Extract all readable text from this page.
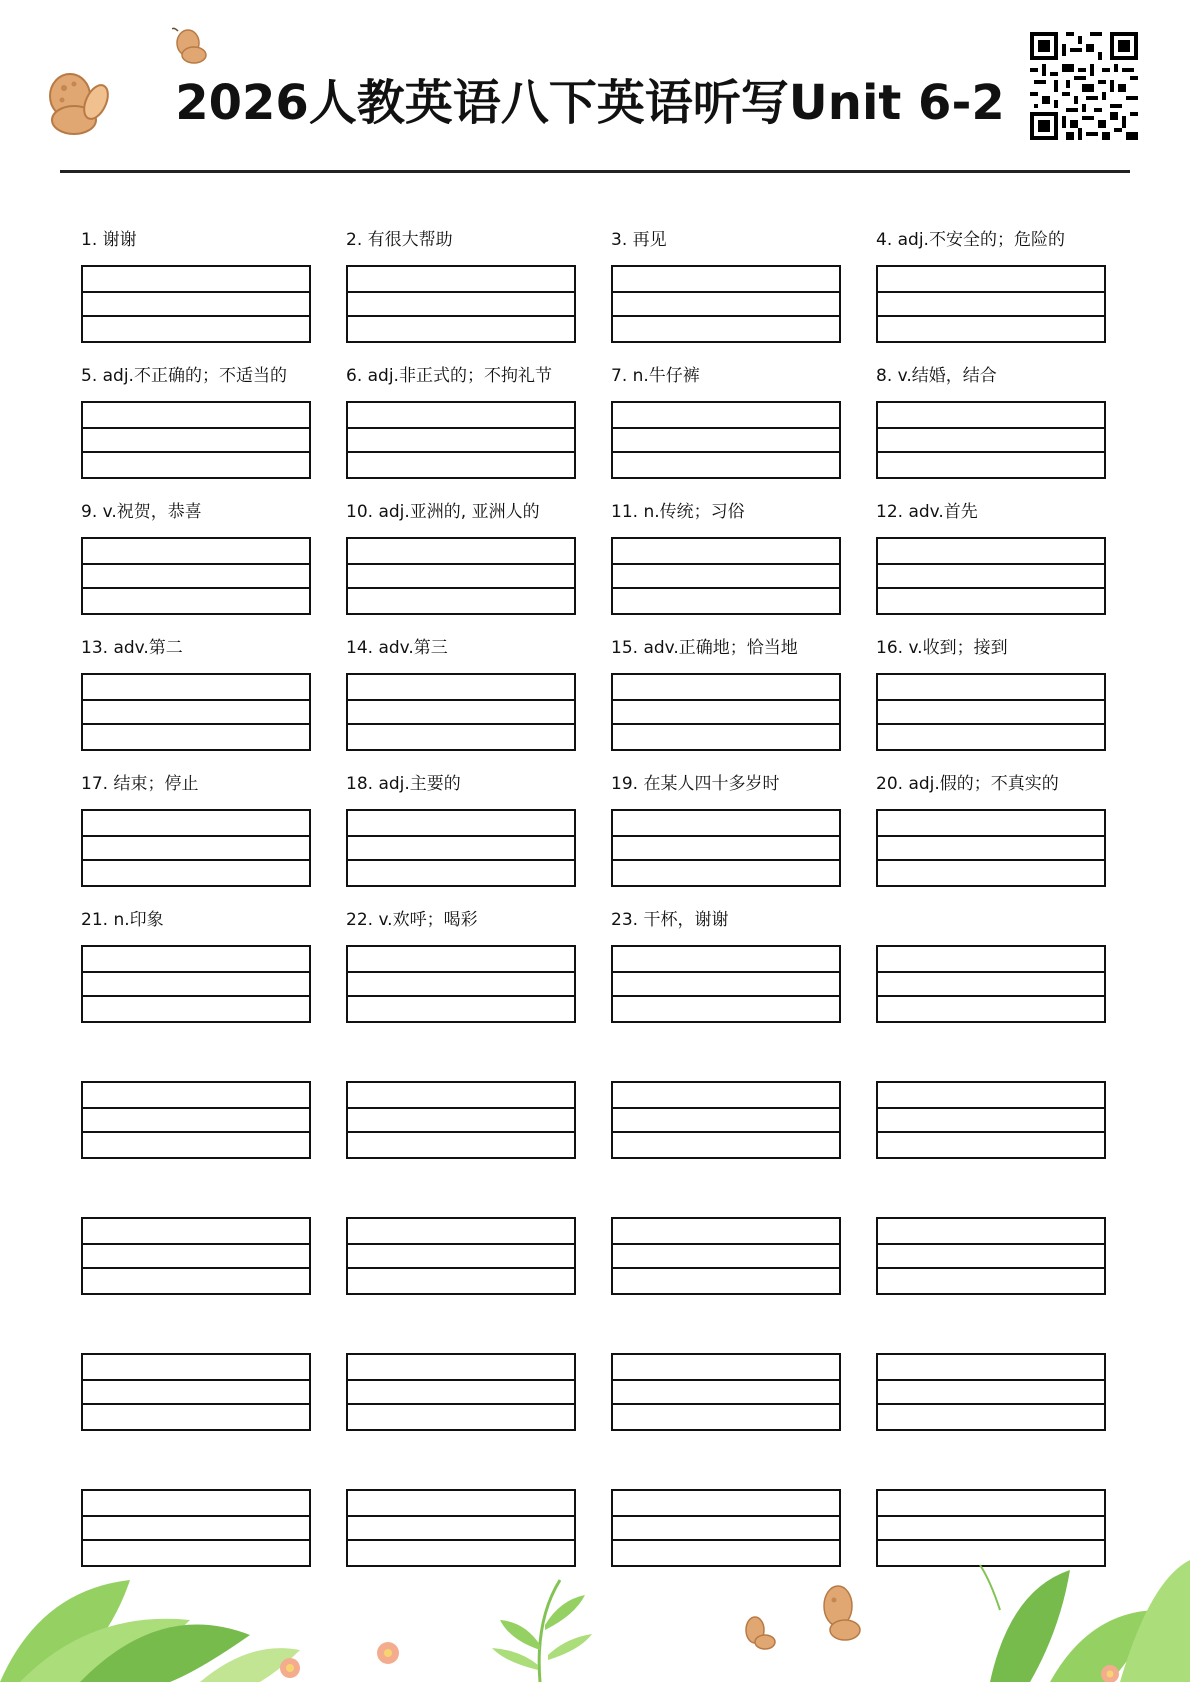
2026人教英语八下英语听写Unit 6-2
1. 谢谢	2. 有很大帮助	3. 再见	4. adj.不安全的；危险的
5. adj.不正确的；不适当的	6. adj.非正式的；不拘礼节	7. n.牛仔裤	8. v.结婚，结合
9. v.祝贺，恭喜	10. adj.亚洲的, 亚洲人的	11. n.传统；习俗	12. adv.首先
13. adv.第二	14. adv.第三	15. adv.正确地；恰当地	16. v.收到；接到
17. 结束；停止	18. adj.主要的	19. 在某人四十多岁时	20. adj.假的；不真实的
21. n.印象	22. v.欢呼；喝彩	23. 干杯，谢谢
